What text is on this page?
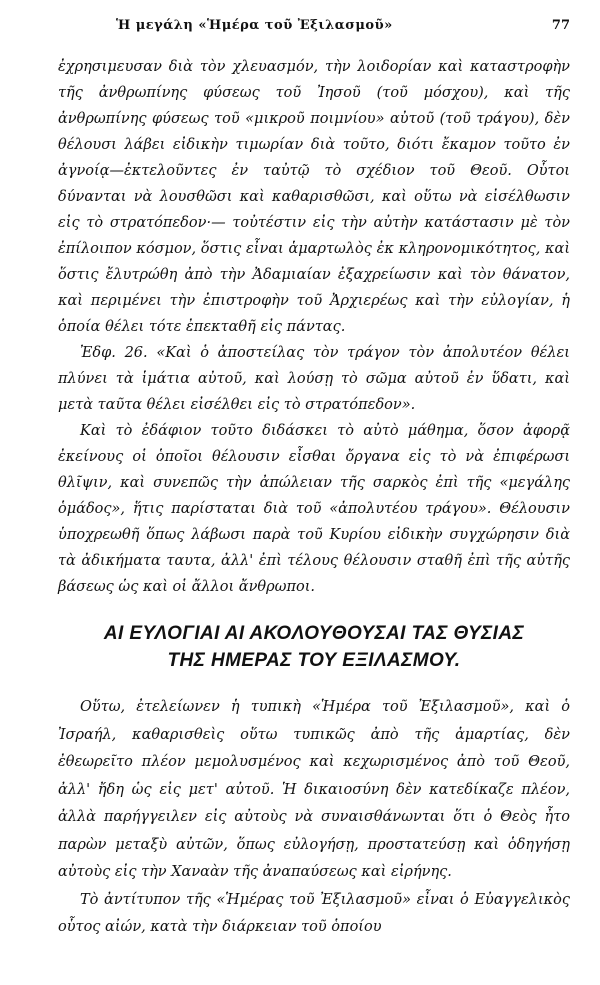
Ἡ μεγάλη «Ἡμέρα τοῦ Ἐξιλασμοῦ»	77

ἐχρησιμευσαν διὰ τὸν χλευασμόν, τὴν λοιδορίαν καὶ καταστροφὴν τῆς ἀνθρωπίνης φύσεως τοῦ Ἰησοῦ (τοῦ μόσχου), καὶ τῆς ἀνθρωπίνης φύσεως τοῦ «μικροῦ ποιμνίου» αὐτοῦ (τοῦ τράγου), δὲν θέλουσι λάβει εἰδικὴν τιμωρίαν διὰ τοῦτο, διότι ἔκαμον τοῦτο ἐν ἀγνοίᾳ—ἐκτελοῦντες ἐν ταὐτῷ τὸ σχέδιον τοῦ Θεοῦ. Οὗτοι δύνανται νὰ λουσθῶσι καὶ καθαρισθῶσι, καὶ οὕτω νὰ εἰσέλθωσιν εἰς τὸ στρατόπεδον·— τοὐτέστιν εἰς τὴν αὐτὴν κατάστασιν μὲ τὸν ἐπίλοιπον κόσμον, ὅστις εἶναι ἁμαρτωλὸς ἐκ κληρονομικότητος, καὶ ὅστις ἔλυτρώθη ἀπὸ τὴν Ἀδαμιαίαν ἐξαχρείωσιν καὶ τὸν θάνατον, καὶ περιμένει τὴν ἐπιστροφὴν τοῦ Ἀρχιερέως καὶ τὴν εὐλογίαν, ἡ ὁποία θέλει τότε ἐπεκταθῆ εἰς πάντας.

Ἐδφ. 26. «Καὶ ὁ ἀποστείλας τὸν τράγον τὸν ἀπολυτέον θέλει πλύνει τὰ ἱμάτια αὐτοῦ, καὶ λούσῃ τὸ σῶμα αὐτοῦ ἐν ὕδατι, καὶ μετὰ ταῦτα θέλει εἰσέλθει εἰς τὸ στρατόπεδον».

Καὶ τὸ ἐδάφιον τοῦτο διδάσκει τὸ αὐτὸ μάθημα, ὅσον ἀφορᾷ ἐκείνους οἱ ὁποῖοι θέλουσιν εἶσθαι ὄργανα εἰς τὸ νὰ ἐπιφέρωσι θλῖψιν, καὶ συνεπῶς τὴν ἀπώλειαν τῆς σαρκὸς ἐπὶ τῆς «μεγάλης ὁμάδος», ἥτις παρίσταται διὰ τοῦ «ἀπολυτέου τράγου». Θέλουσιν ὑποχρεωθῆ ὅπως λάβωσι παρὰ τοῦ Κυρίου εἰδικὴν συγχώρησιν διὰ τὰ ἀδικήματα ταυτα, ἀλλ' ἐπὶ τέλους θέλουσιν σταθῆ ἐπὶ τῆς αὐτῆς βάσεως ὡς καὶ οἱ ἄλλοι ἄνθρωποι.

ΑΙ ΕΥΛΟΓΙΑΙ ΑΙ ΑΚΟΛΟΥΘΟΥΣΑΙ ΤΑΣ ΘΥΣΙΑΣ
ΤΗΣ ΗΜΕΡΑΣ ΤΟΥ ΕΞΙΛΑΣΜΟΥ.

Οὕτω, ἐτελείωνεν ἡ τυπικὴ «Ἡμέρα τοῦ Ἐξιλασμοῦ», καὶ ὁ Ἰσραήλ, καθαρισθεὶς οὕτω τυπικῶς ἀπὸ τῆς ἁμαρτίας, δὲν ἐθεωρεῖτο πλέον μεμολυσμένος καὶ κεχωρισμένος ἀπὸ τοῦ Θεοῦ, ἀλλ' ἤδη ὡς εἰς μετ' αὐτοῦ. Ἡ δικαιοσύνη δὲν κατεδίκαζε πλέον, ἀλλὰ παρήγγειλεν εἰς αὐτοὺς νὰ συναισθάνωνται ὅτι ὁ Θεὸς ἦτο παρὼν μεταξὺ αὐτῶν, ὅπως εὐλογήσῃ, προστατεύσῃ καὶ ὁδηγήσῃ αὐτοὺς εἰς τὴν Χαναὰν τῆς ἀναπαύσεως καὶ εἰρήνης.

Τὸ ἀντίτυπον τῆς «Ἡμέρας τοῦ Ἐξιλασμοῦ» εἶναι ὁ Εὐαγγελικὸς οὗτος αἰών, κατὰ τὴν διάρκειαν τοῦ ὁποίου
